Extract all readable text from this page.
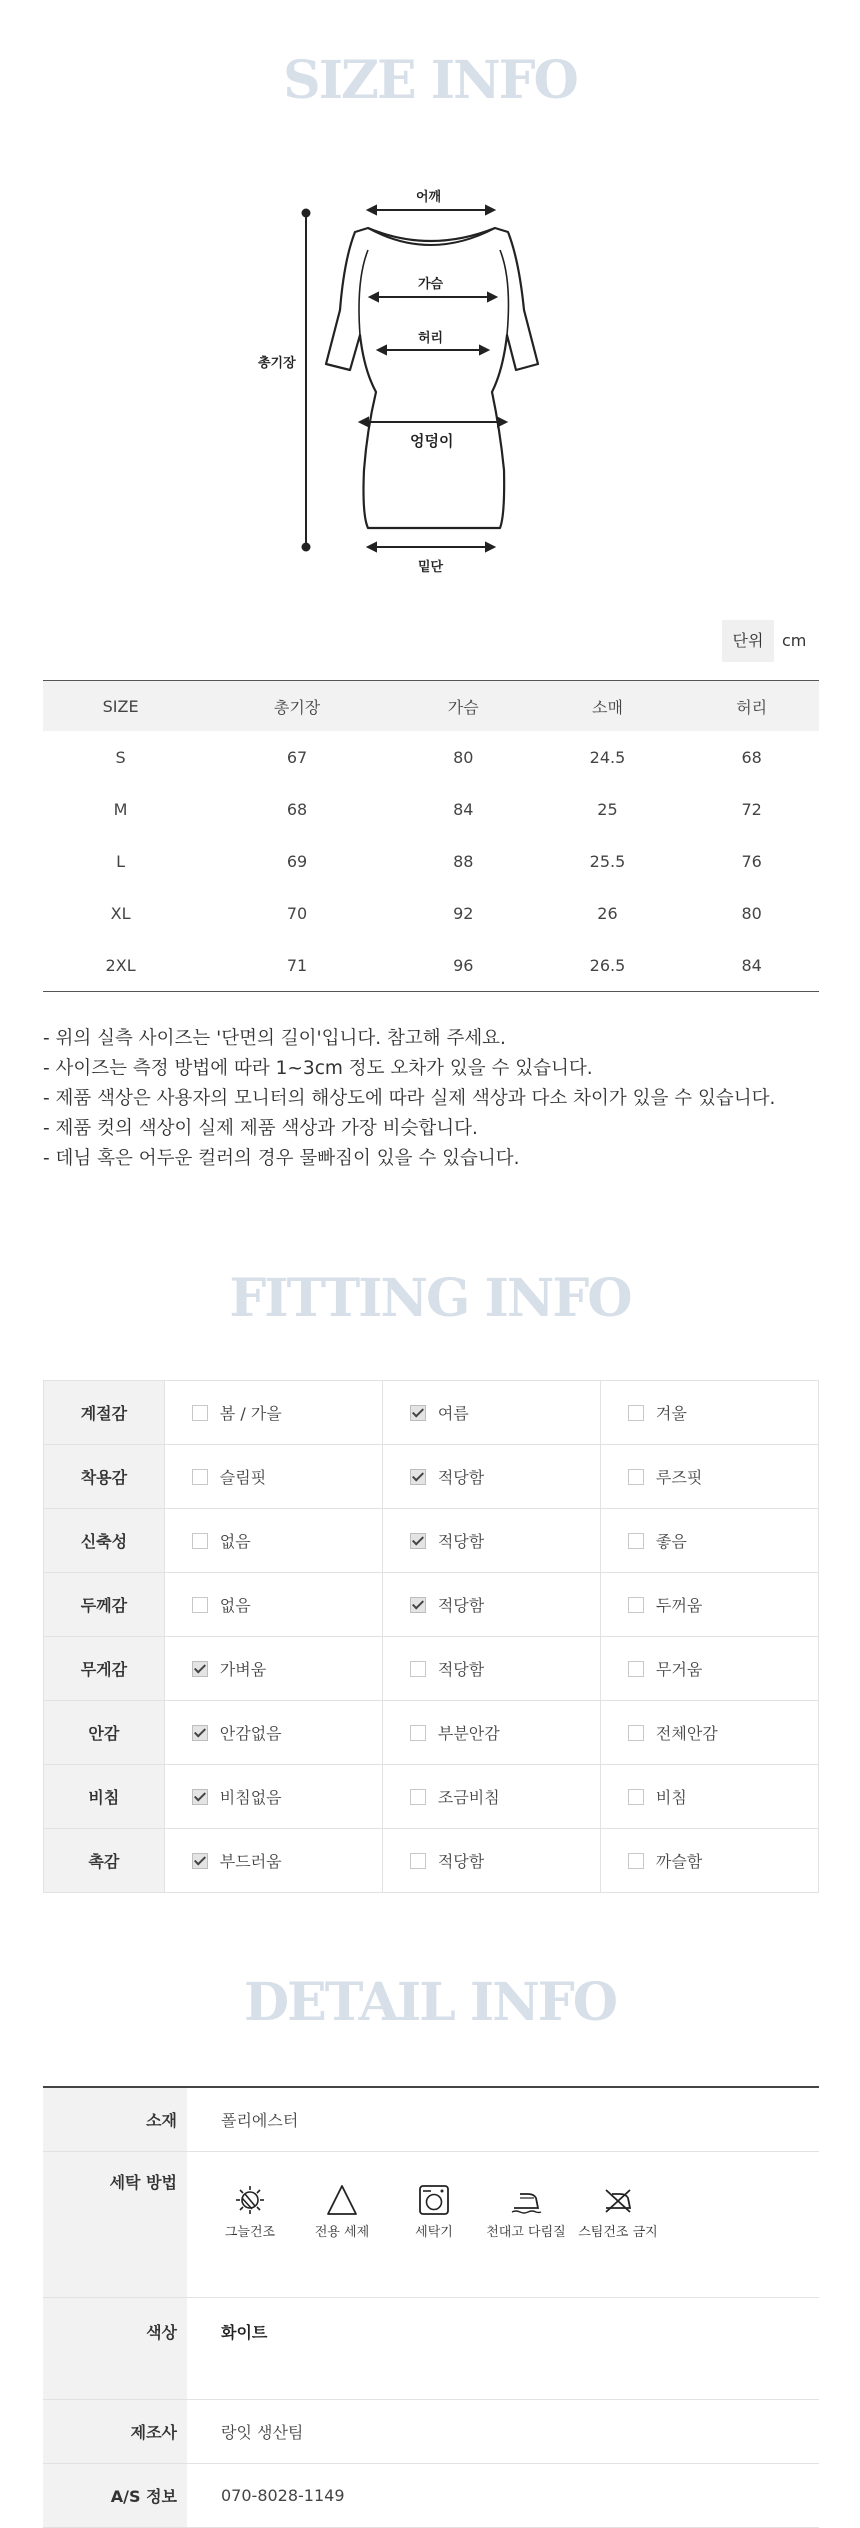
SIZE INFO
총기장
어깨
가슴
허리
엉덩이
밑단
단위	cm
SIZE	총기장	가슴	소매	허리
S	67	80	24.5	68
M	68	84	25	72
L	69	88	25.5	76
XL	70	92	26	80
2XL	71	96	26.5	84
- 위의 실측 사이즈는 '단면의 길이'입니다. 참고해 주세요.
- 사이즈는 측정 방법에 따라 1~3cm 정도 오차가 있을 수 있습니다.
- 제품 색상은 사용자의 모니터의 해상도에 따라 실제 색상과 다소 차이가 있을 수 있습니다.
- 제품 컷의 색상이 실제 제품 색상과 가장 비슷합니다.
- 데님 혹은 어두운 컬러의 경우 물빠짐이 있을 수 있습니다.
FITTING INFO
계절감	봄 / 가을	여름	겨울
착용감	슬림핏	적당함	루즈핏
신축성	없음	적당함	좋음
두께감	없음	적당함	두꺼움
무게감	가벼움	적당함	무거움
안감	안감없음	부분안감	전체안감
비침	비침없음	조금비침	비침
촉감	부드러움	적당함	까슬함
DETAIL INFO
소재	폴리에스터
세탁 방법	그늘건조 전용 세제 세탁기 천대고 다림질 스팀건조 금지

색상	화이트
제조사	랑잇 생산팀
A/S 정보	070-8028-1149
